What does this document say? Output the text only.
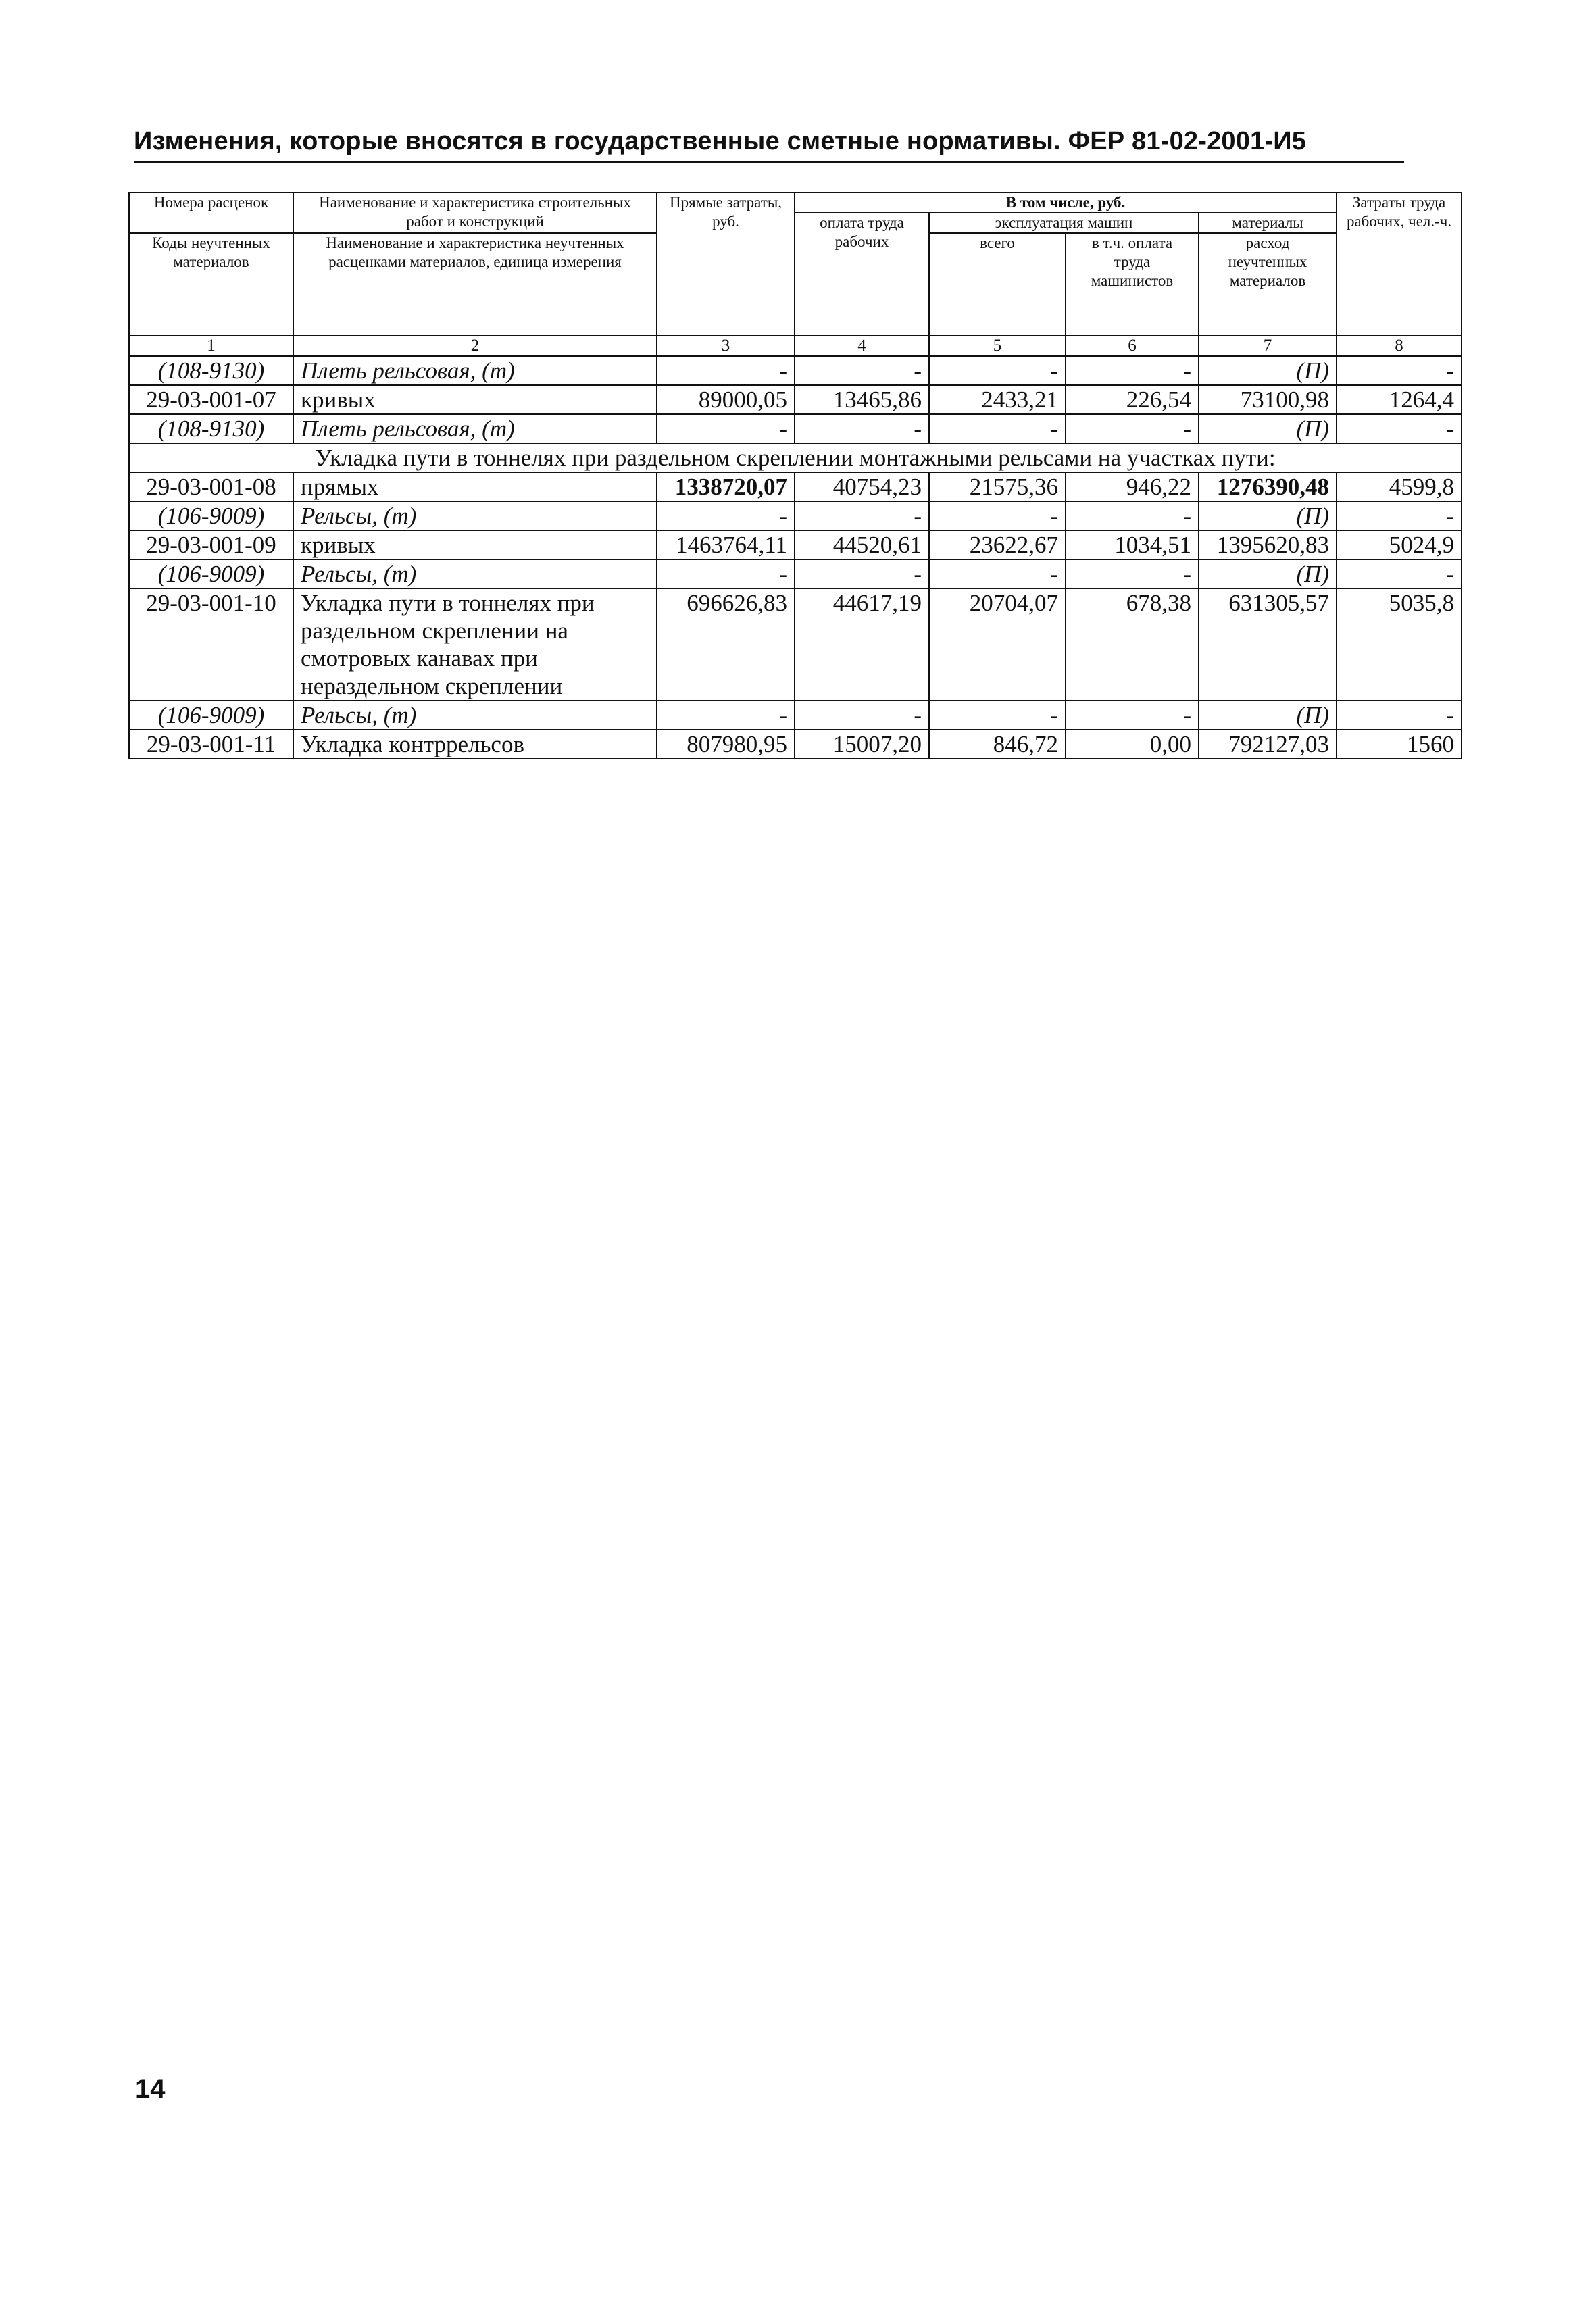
Изменения, которые вносятся в государственные сметные нормативы. ФЕР 81-02-2001-И5
Номера расценок	Наименование и характеристика строительных работ и конструкций	Прямые затраты, руб.	В том числе, руб.				Затраты труда рабочих, чел.-ч.
			оплата труда рабочих	эксплуатация машин		материалы	
Коды неучтенных материалов	Наименование и характеристика неучтенных расценками материалов, единица измерения			всего	в т.ч. оплата труда машинистов	расход неучтенных материалов	

1	2	3	4	5	6	7	8
(108-9130)	Плеть рельсовая, (т)	-	-	-	-	(П)	-
29-03-001-07	кривых	89000,05	13465,86	2433,21	226,54	73100,98	1264,4
(108-9130)	Плеть рельсовая, (т)	-	-	-	-	(П)	-
Укладка пути в тоннелях при раздельном скреплении монтажными рельсами на участках пути:							
29-03-001-08	прямых	1338720,07	40754,23	21575,36	946,22	1276390,48	4599,8
(106-9009)	Рельсы, (т)	-	-	-	-	(П)	-
29-03-001-09	кривых	1463764,11	44520,61	23622,67	1034,51	1395620,83	5024,9
(106-9009)	Рельсы, (т)	-	-	-	-	(П)	-
29-03-001-10	Укладка пути в тоннелях при раздельном скреплении на смотровых канавах при нераздельном скреплении	696626,83	44617,19	20704,07	678,38	631305,57	5035,8
(106-9009)	Рельсы, (т)	-	-	-	-	(П)	-
29-03-001-11	Укладка контррельсов	807980,95	15007,20	846,72	0,00	792127,03	1560
14
